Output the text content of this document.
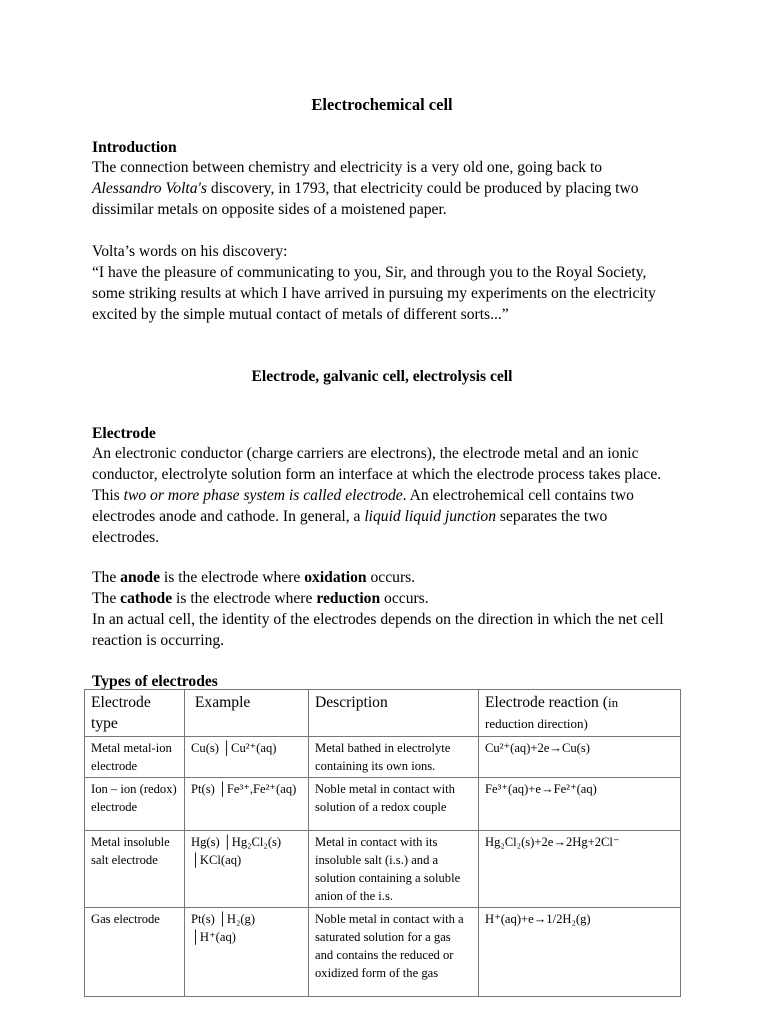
Electrochemical cell
Introduction
The connection between chemistry and electricity is a very old one, going back to Alessandro Volta's discovery, in 1793, that electricity could be produced by placing two dissimilar metals on opposite sides of a moistened paper.
Volta’s words on his discovery:
“I have the pleasure of communicating to you, Sir, and through you to the Royal Society, some striking results at which I have arrived in pursuing my experiments on the electricity excited by the simple mutual contact of metals of different sorts...”
Electrode, galvanic cell, electrolysis cell
Electrode
An electronic conductor (charge carriers are electrons), the electrode metal and an ionic conductor, electrolyte solution form an interface at which the electrode process takes place. This two or more phase system is called electrode. An electrohemical cell contains two electrodes anode and cathode. In general, a liquid liquid junction separates the two electrodes.
The anode is the electrode where oxidation occurs.
The cathode is the electrode where reduction occurs.
In an actual cell, the identity of the electrodes depends on the direction in which the net cell reaction is occurring.
Types of electrodes
Electrode type	Example	Description	Electrode reaction (in
reduction direction)
Metal metal-ion electrode	Cu(s) │Cu²⁺(aq)	Metal bathed in electrolyte containing its own ions.	Cu²⁺(aq)+2e→Cu(s)
Ion – ion (redox) electrode	Pt(s) │Fe³⁺,Fe²⁺(aq)	Noble metal in contact with solution of a redox couple	Fe³⁺(aq)+e→Fe²⁺(aq)
Metal insoluble salt electrode	Hg(s) │Hg₂Cl₂(s) │KCl(aq)	Metal in contact with its insoluble salt (i.s.) and a solution containing a soluble anion of the i.s.	Hg₂Cl₂(s)+2e→2Hg+2Cl⁻
Gas electrode	Pt(s) │H₂(g) │H⁺(aq)	Noble metal in contact with a saturated solution for a gas and contains the reduced or oxidized form of the gas	H⁺(aq)+e→1/2H₂(g)
